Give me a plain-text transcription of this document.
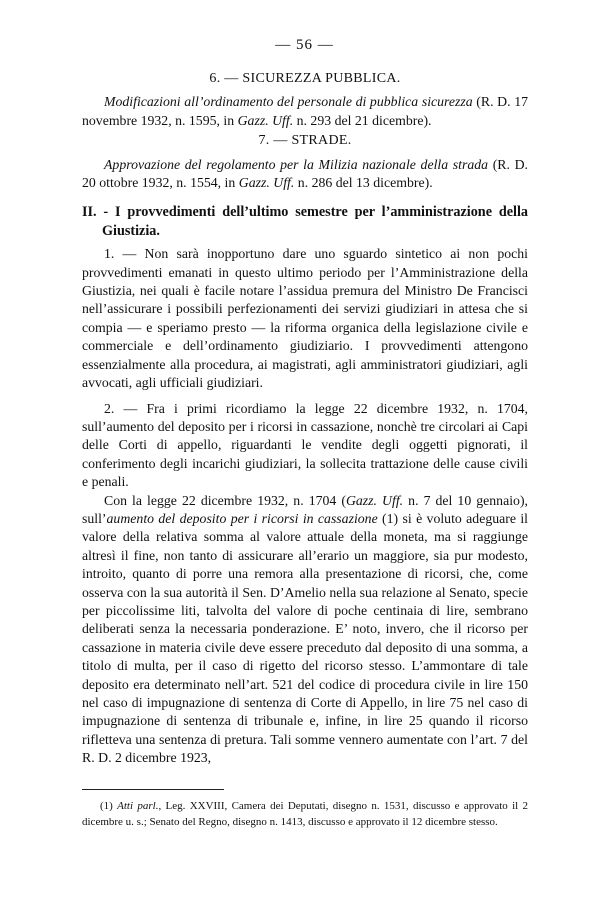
— 56 —
6. — SICUREZZA PUBBLICA.

Modificazioni all’ordinamento del personale di pubblica sicurezza (R. D. 17 novembre 1932, n. 1595, in Gazz. Uff. n. 293 del 21 dicembre).

7. — STRADE.

Approvazione del regolamento per la Milizia nazionale della strada (R. D. 20 ottobre 1932, n. 1554, in Gazz. Uff. n. 286 del 13 dicembre).

II. - I provvedimenti dell’ultimo semestre per l’amministrazione della Giustizia.

1. — Non sarà inopportuno dare uno sguardo sintetico ai non pochi provvedimenti emanati in questo ultimo periodo per l’Amministrazione della Giustizia, nei quali è facile notare l’assidua premura del Ministro De Francisci nell’assicurare i possibili perfezionamenti dei servizi giudiziari in attesa che si compia — e speriamo presto — la riforma organica della legislazione civile e commerciale e dell’ordinamento giudiziario. I provvedimenti attengono essenzialmente alla procedura, ai magistrati, agli amministratori giudiziari, agli avvocati, agli ufficiali giudiziari.

2. — Fra i primi ricordiamo la legge 22 dicembre 1932, n. 1704, sull’aumento del deposito per i ricorsi in cassazione, nonchè tre circolari ai Capi delle Corti di appello, riguardanti le vendite degli oggetti pignorati, il conferimento degli incarichi giudiziari, la sollecita trattazione delle cause civili e penali.

Con la legge 22 dicembre 1932, n. 1704 (Gazz. Uff. n. 7 del 10 gennaio), sull’aumento del deposito per i ricorsi in cassazione (1) si è voluto adeguare il valore della relativa somma al valore attuale della moneta, ma si raggiunge altresì il fine, non tanto di assicurare all’erario un maggiore, sia pur modesto, introito, quanto di porre una remora alla presentazione di ricorsi, che, come osserva con la sua autorità il Sen. D’Amelio nella sua relazione al Senato, specie per piccolissime liti, talvolta del valore di poche centinaia di lire, sembrano deliberati senza la necessaria ponderazione. E’ noto, invero, che il ricorso per cassazione in materia civile deve essere preceduto dal deposito di una somma, a titolo di multa, per il caso di rigetto del ricorso stesso. L’ammontare di tale deposito era determinato nell’art. 521 del codice di procedura civile in lire 150 nel caso di impugnazione di sentenza di Corte di Appello, in lire 75 nel caso di impugnazione di sentenza di tribunale e, infine, in lire 25 quando il ricorso rifletteva una sentenza di pretura. Tali somme vennero aumentate con l’art. 7 del R. D. 2 dicembre 1923,

(1) Atti parl., Leg. XXVIII, Camera dei Deputati, disegno n. 1531, discusso e approvato il 2 dicembre u. s.; Senato del Regno, disegno n. 1413, discusso e approvato il 12 dicembre stesso.
